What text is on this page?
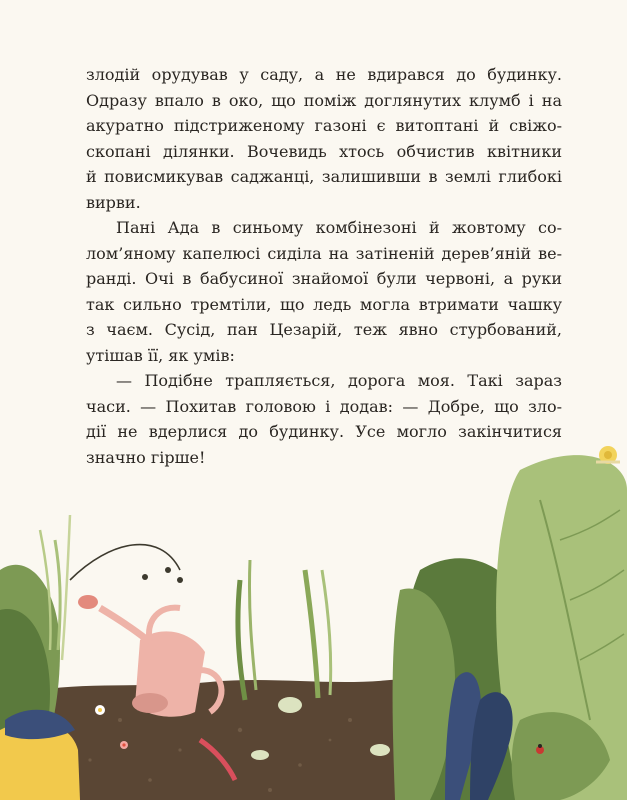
злодій орудував у саду, а не вдирався до будинку.
Одразу впало в око, що поміж доглянутих клумб і на
акуратно підстриженому газоні є витоптані й свіжо-
скопані ділянки. Вочевидь хтось обчистив квітники
й повисмикував саджанці, залишивши в землі глибокі
вирви.
Пані Ада в синьому комбінезоні й жовтому со-
лом’яному капелюсі сиділа на затіненій дерев’яній ве-
ранді. Очі в бабусиної знайомої були червоні, а руки
так сильно тремтіли, що ледь могла втримати чашку
з чаєм. Сусід, пан Цезарій, теж явно стурбований,
утішав її, як умів:
— Подібне трапляється, дорога моя. Такі зараз
часи. — Похитав головою і додав: — Добре, що зло-
дії не вдерлися до будинку. Усе могло закінчитися
значно гірше!
